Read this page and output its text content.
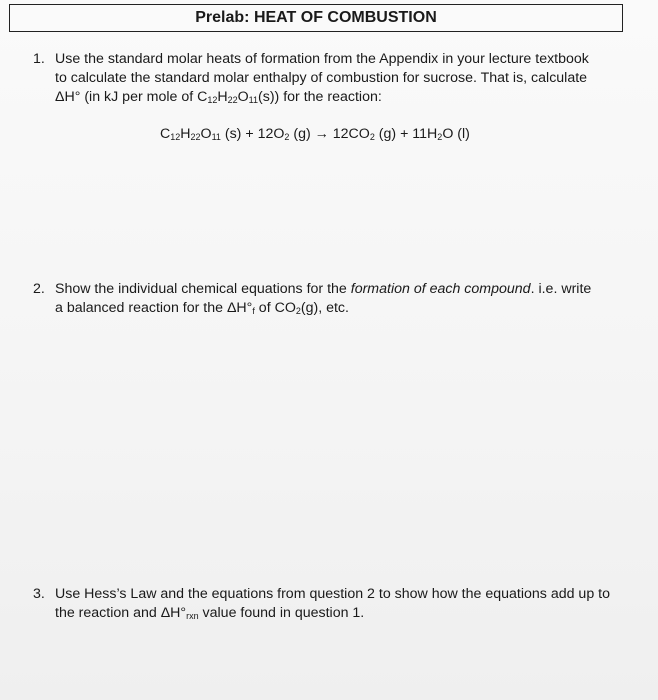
Prelab: HEAT OF COMBUSTION
1. Use the standard molar heats of formation from the Appendix in your lecture textbook
to calculate the standard molar enthalpy of combustion for sucrose. That is, calculate
ΔH° (in kJ per mole of $C_{12}H_{22}O_{11}(s)$) for the reaction:
$C_{12}H_{22}O_{11}$ $(s) + 12O_2$ $(g) \to 12CO_2$ $(g) + 11H_2O$ (l)
2. Show the individual chemical equations for the formation of each compound. i.e. write
a balanced reaction for the $\Delta H^\circ_f$ of $CO_2(g)$, etc.
3. Use Hess’s Law and the equations from question 2 to show how the equations add up to
the reaction and $\Delta H^\circ_{rxn}$ value found in question 1.
